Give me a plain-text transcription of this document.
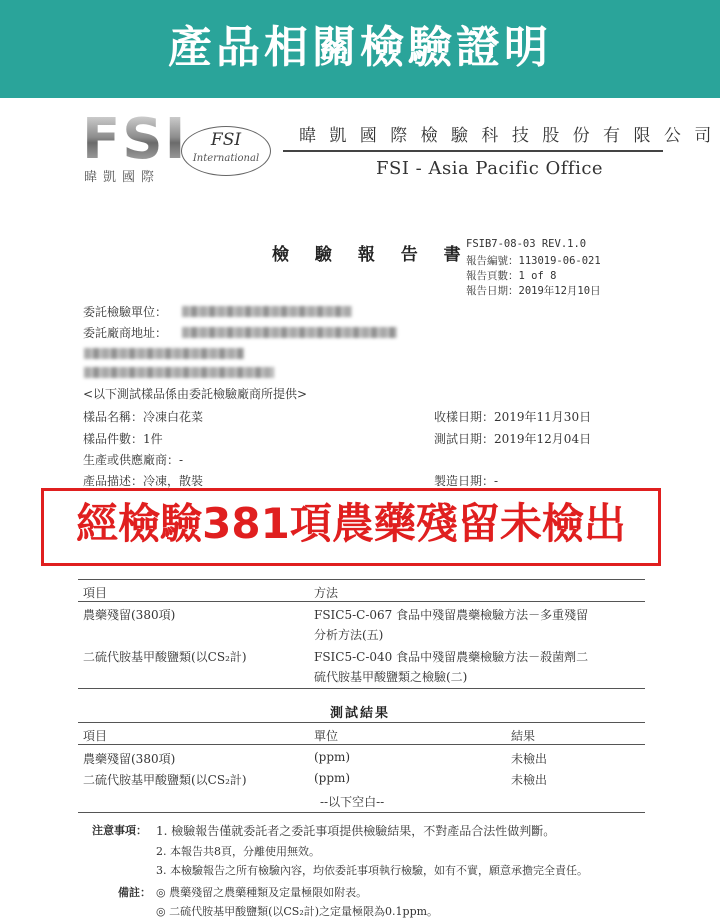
產品相關檢驗證明
FSI
暐凱國際
FSI
International
暐 凱 國 際 檢 驗 科 技 股 份 有 限 公 司
FSI - Asia Pacific Office
檢 驗 報 告 書
FSIB7-08-03 REV.1.0
報告編號：113019-06-021
報告頁數：1 of 8
報告日期：2019年12月10日
委託檢驗單位：
委託廠商地址：
<以下測試樣品係由委託檢驗廠商所提供>
樣品名稱：冷凍白花菜
樣品件數：1件
生產或供應廠商：-
產品描述：冷凍，散裝
收樣日期：2019年11月30日
測試日期：2019年12月04日
製造日期：-
經檢驗381項農藥殘留未檢出
項目	方法
農藥殘留(380項)	FSIC5-C-067 食品中殘留農藥檢驗方法－多重殘留
分析方法(五)
二硫代胺基甲酸鹽類(以CS₂計)	FSIC5-C-040 食品中殘留農藥檢驗方法－殺菌劑二
硫代胺基甲酸鹽類之檢驗(二)
測試結果
項目	單位	結果
農藥殘留(380項)	(ppm)	未檢出
二硫代胺基甲酸鹽類(以CS₂計)	(ppm)	未檢出
--以下空白--
注意事項： 1. 檢驗報告僅就委託者之委託事項提供檢驗結果，不對產品合法性做判斷。
2. 本報告共8頁，分離使用無效。
3. 本檢驗報告之所有檢驗內容，均依委託事項執行檢驗，如有不實，願意承擔完全責任。
備註： ◎ 農藥殘留之農藥種類及定量極限如附表。
◎ 二硫代胺基甲酸鹽類(以CS₂計)之定量極限為0.1ppm。
